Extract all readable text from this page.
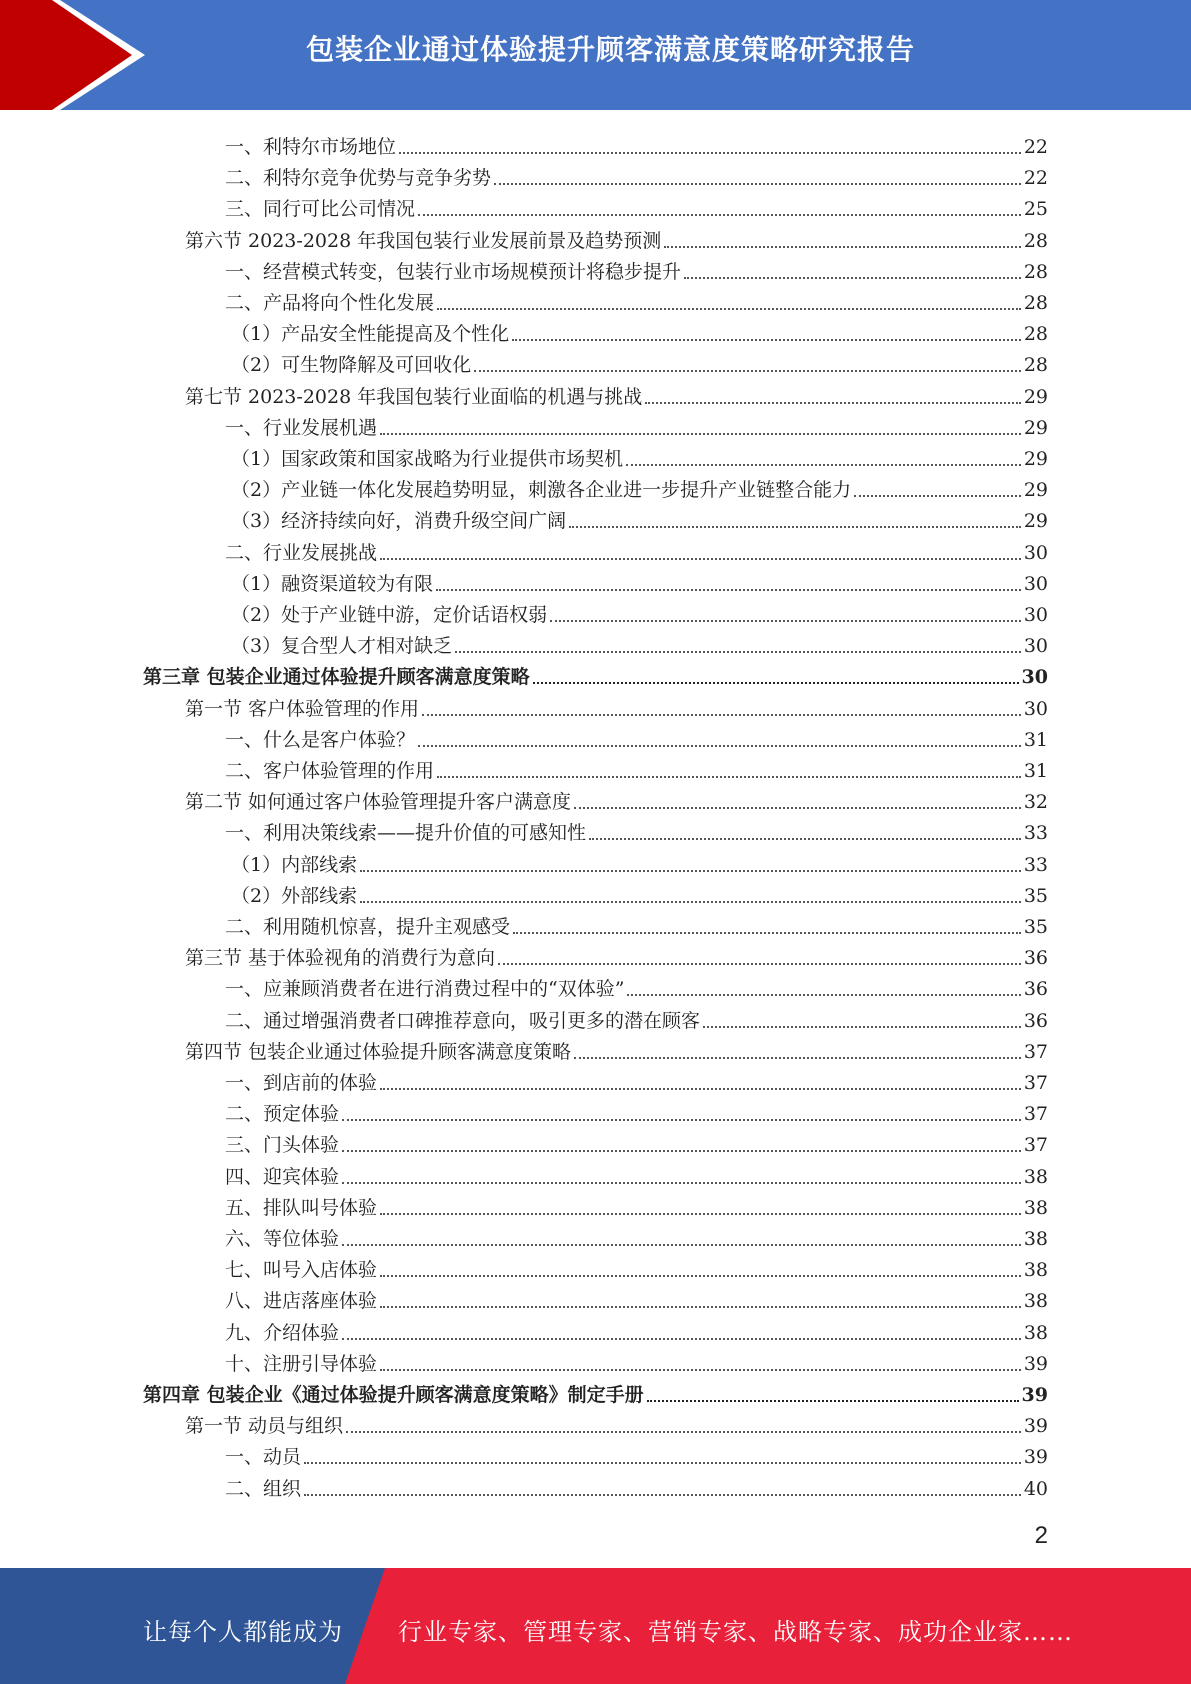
包装企业通过体验提升顾客满意度策略研究报告
一、利特尔市场地位	22
二、利特尔竞争优势与竞争劣势	22
三、同行可比公司情况	25
第六节 2023-2028 年我国包装行业发展前景及趋势预测	28
一、经营模式转变，包装行业市场规模预计将稳步提升	28
二、产品将向个性化发展	28
（1）产品安全性能提高及个性化	28
（2）可生物降解及可回收化	28
第七节 2023-2028 年我国包装行业面临的机遇与挑战	29
一、行业发展机遇	29
（1）国家政策和国家战略为行业提供市场契机	29
（2）产业链一体化发展趋势明显，刺激各企业进一步提升产业链整合能力	29
（3）经济持续向好，消费升级空间广阔	29
二、行业发展挑战	30
（1）融资渠道较为有限	30
（2）处于产业链中游，定价话语权弱	30
（3）复合型人才相对缺乏	30
第三章 包装企业通过体验提升顾客满意度策略	30
第一节 客户体验管理的作用	30
一、什么是客户体验？	31
二、客户体验管理的作用	31
第二节 如何通过客户体验管理提升客户满意度	32
一、利用决策线索——提升价值的可感知性	33
（1）内部线索	33
（2）外部线索	35
二、利用随机惊喜，提升主观感受	35
第三节 基于体验视角的消费行为意向	36
一、应兼顾消费者在进行消费过程中的“双体验”	36
二、通过增强消费者口碑推荐意向，吸引更多的潜在顾客	36
第四节 包装企业通过体验提升顾客满意度策略	37
一、到店前的体验	37
二、预定体验	37
三、门头体验	37
四、迎宾体验	38
五、排队叫号体验	38
六、等位体验	38
七、叫号入店体验	38
八、进店落座体验	38
九、介绍体验	38
十、注册引导体验	39
第四章 包装企业《通过体验提升顾客满意度策略》制定手册	39
第一节 动员与组织	39
一、动员	39
二、组织	40
2
让每个人都能成为 行业专家、管理专家、营销专家、战略专家、成功企业家……
